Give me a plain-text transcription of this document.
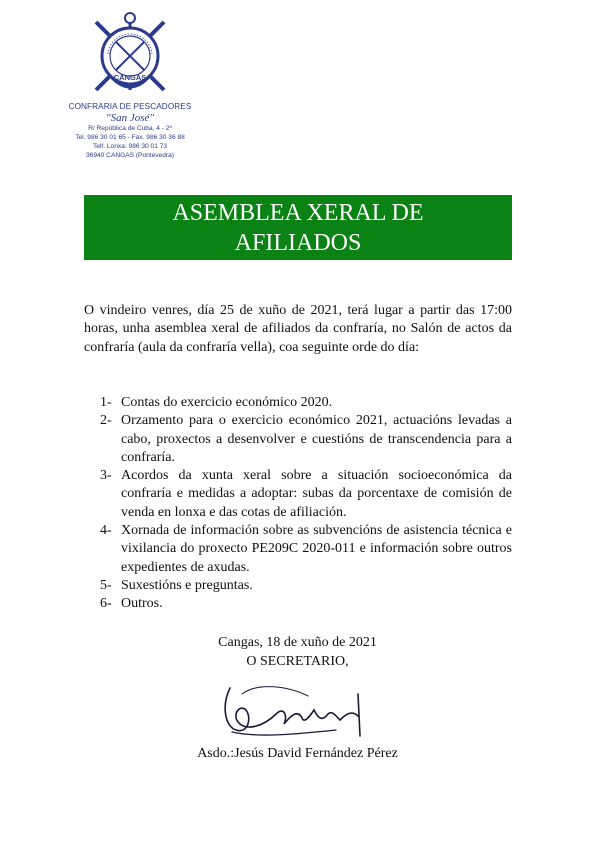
CANGAS
CONFRARIA DE PESCADORES
"San José"
R/ República de Cuba, 4 - 2º
Tel. 986 30 01 65 - Fax. 986 30 36 88
Telf. Lonxa: 986 30 01 73
36940 CANGAS (Pontevedra)
ASEMBLEA XERAL DE
AFILIADOS
O vindeiro venres, día 25 de xuño de 2021, terá lugar a partir das 17:00 horas, unha asemblea xeral de afiliados da confraría, no Salón de actos da confraría (aula da confraría vella), coa seguinte orde do día:
1- Contas do exercicio económico 2020.
2- Orzamento para o exercicio económico 2021, actuacións levadas a cabo, proxectos a desenvolver e cuestións de transcendencia para a confraría.
3- Acordos da xunta xeral sobre a situación socioeconómica da confraría e medidas a adoptar: subas da porcentaxe de comisión de venda en lonxa e das cotas de afiliación.
4- Xornada de información sobre as subvencións de asistencia técnica e vixilancia do proxecto PE209C 2020-011 e información sobre outros expedientes de axudas.
5- Suxestións e preguntas.
6- Outros.
Cangas, 18 de xuño de 2021
O SECRETARIO,
Asdo.:Jesús David Fernández Pérez
